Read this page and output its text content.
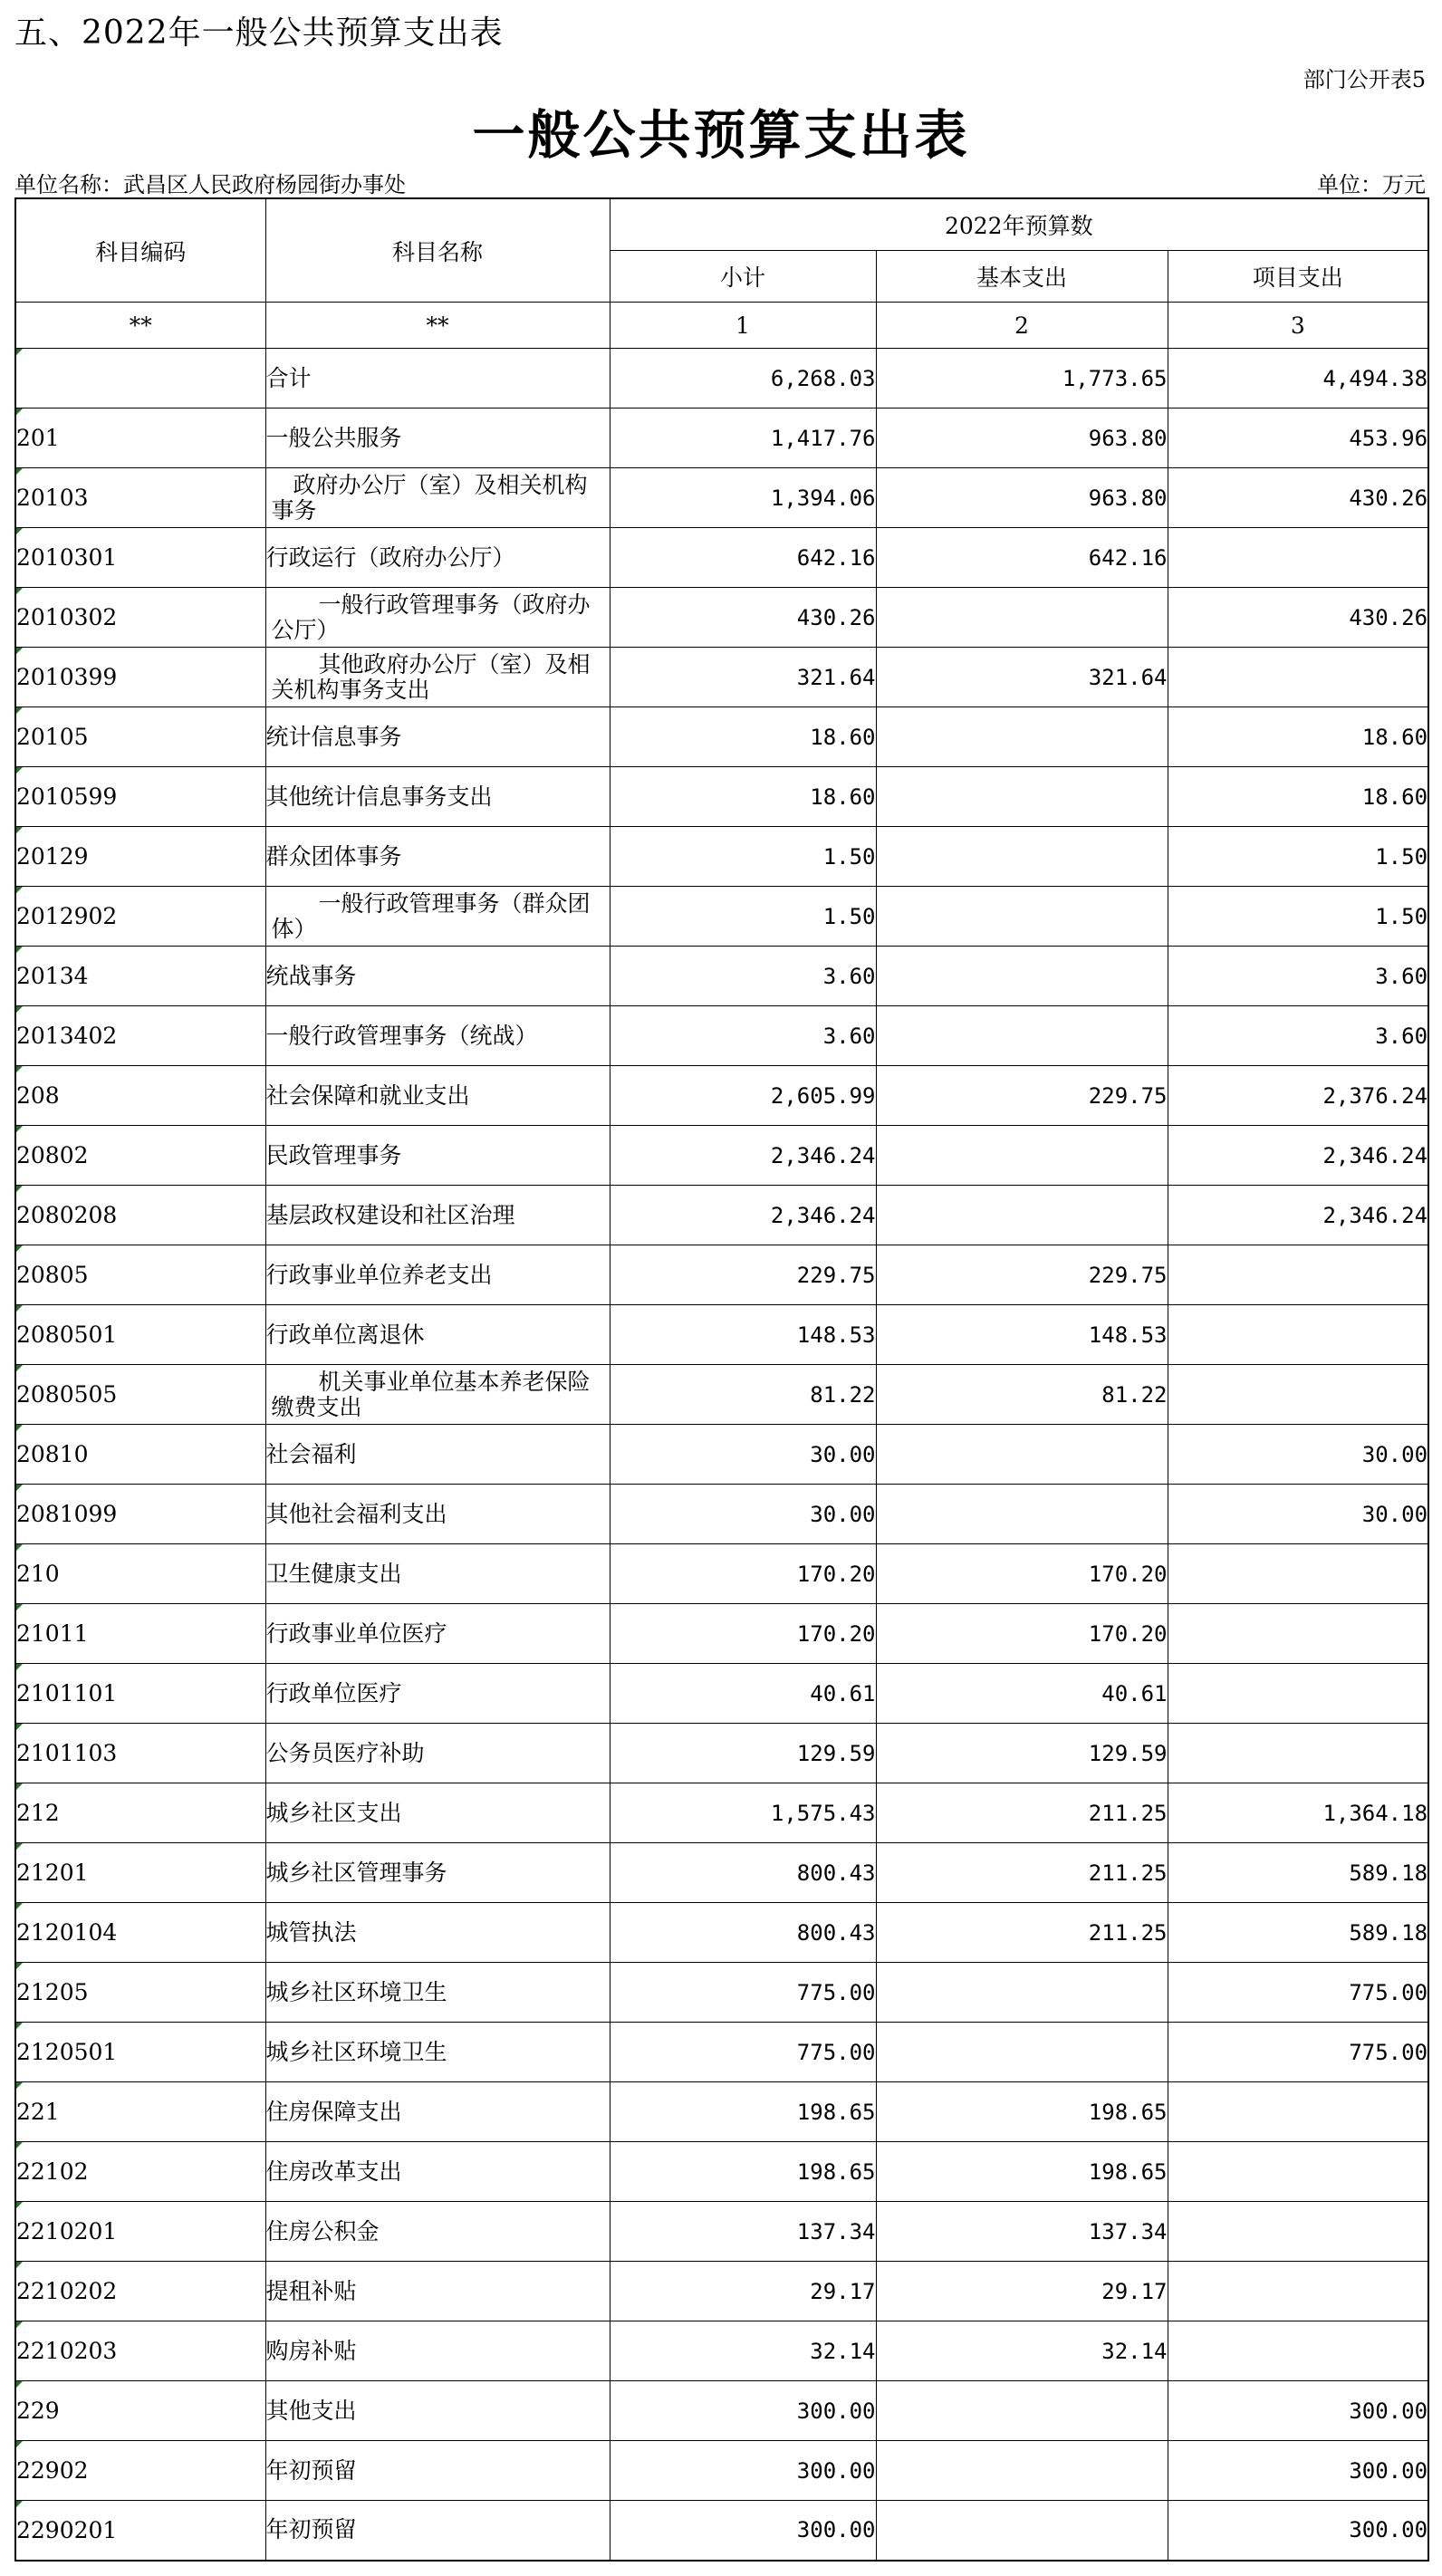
五、2022年一般公共预算支出表
部门公开表5
一般公共预算支出表
单位名称：武昌区人民政府杨园街办事处	单位：万元
科目编码	科目名称	2022年预算数		
		小计	基本支出	项目支出
**	**	1	2	3

	合计	6,268.03	1,773.65	4,494.38

201	一般公共服务	1,417.76	963.80	453.96

20103	政府办公厅（室）及相关机构事务	1,394.06	963.80	430.26

2010301	行政运行（政府办公厅）	642.16	642.16	

2010302	一般行政管理事务（政府办公厅）	430.26		430.26

2010399	其他政府办公厅（室）及相关机构事务支出	321.64	321.64	

20105	统计信息事务	18.60		18.60

2010599	其他统计信息事务支出	18.60		18.60

20129	群众团体事务	1.50		1.50

2012902	一般行政管理事务（群众团体）	1.50		1.50

20134	统战事务	3.60		3.60

2013402	一般行政管理事务（统战）	3.60		3.60

208	社会保障和就业支出	2,605.99	229.75	2,376.24

20802	民政管理事务	2,346.24		2,346.24

2080208	基层政权建设和社区治理	2,346.24		2,346.24

20805	行政事业单位养老支出	229.75	229.75	

2080501	行政单位离退休	148.53	148.53	

2080505	机关事业单位基本养老保险缴费支出	81.22	81.22	

20810	社会福利	30.00		30.00

2081099	其他社会福利支出	30.00		30.00

210	卫生健康支出	170.20	170.20	

21011	行政事业单位医疗	170.20	170.20	

2101101	行政单位医疗	40.61	40.61	

2101103	公务员医疗补助	129.59	129.59	

212	城乡社区支出	1,575.43	211.25	1,364.18

21201	城乡社区管理事务	800.43	211.25	589.18

2120104	城管执法	800.43	211.25	589.18

21205	城乡社区环境卫生	775.00		775.00

2120501	城乡社区环境卫生	775.00		775.00

221	住房保障支出	198.65	198.65	

22102	住房改革支出	198.65	198.65	

2210201	住房公积金	137.34	137.34	

2210202	提租补贴	29.17	29.17	

2210203	购房补贴	32.14	32.14	

229	其他支出	300.00		300.00

22902	年初预留	300.00		300.00

2290201	年初预留	300.00		300.00
